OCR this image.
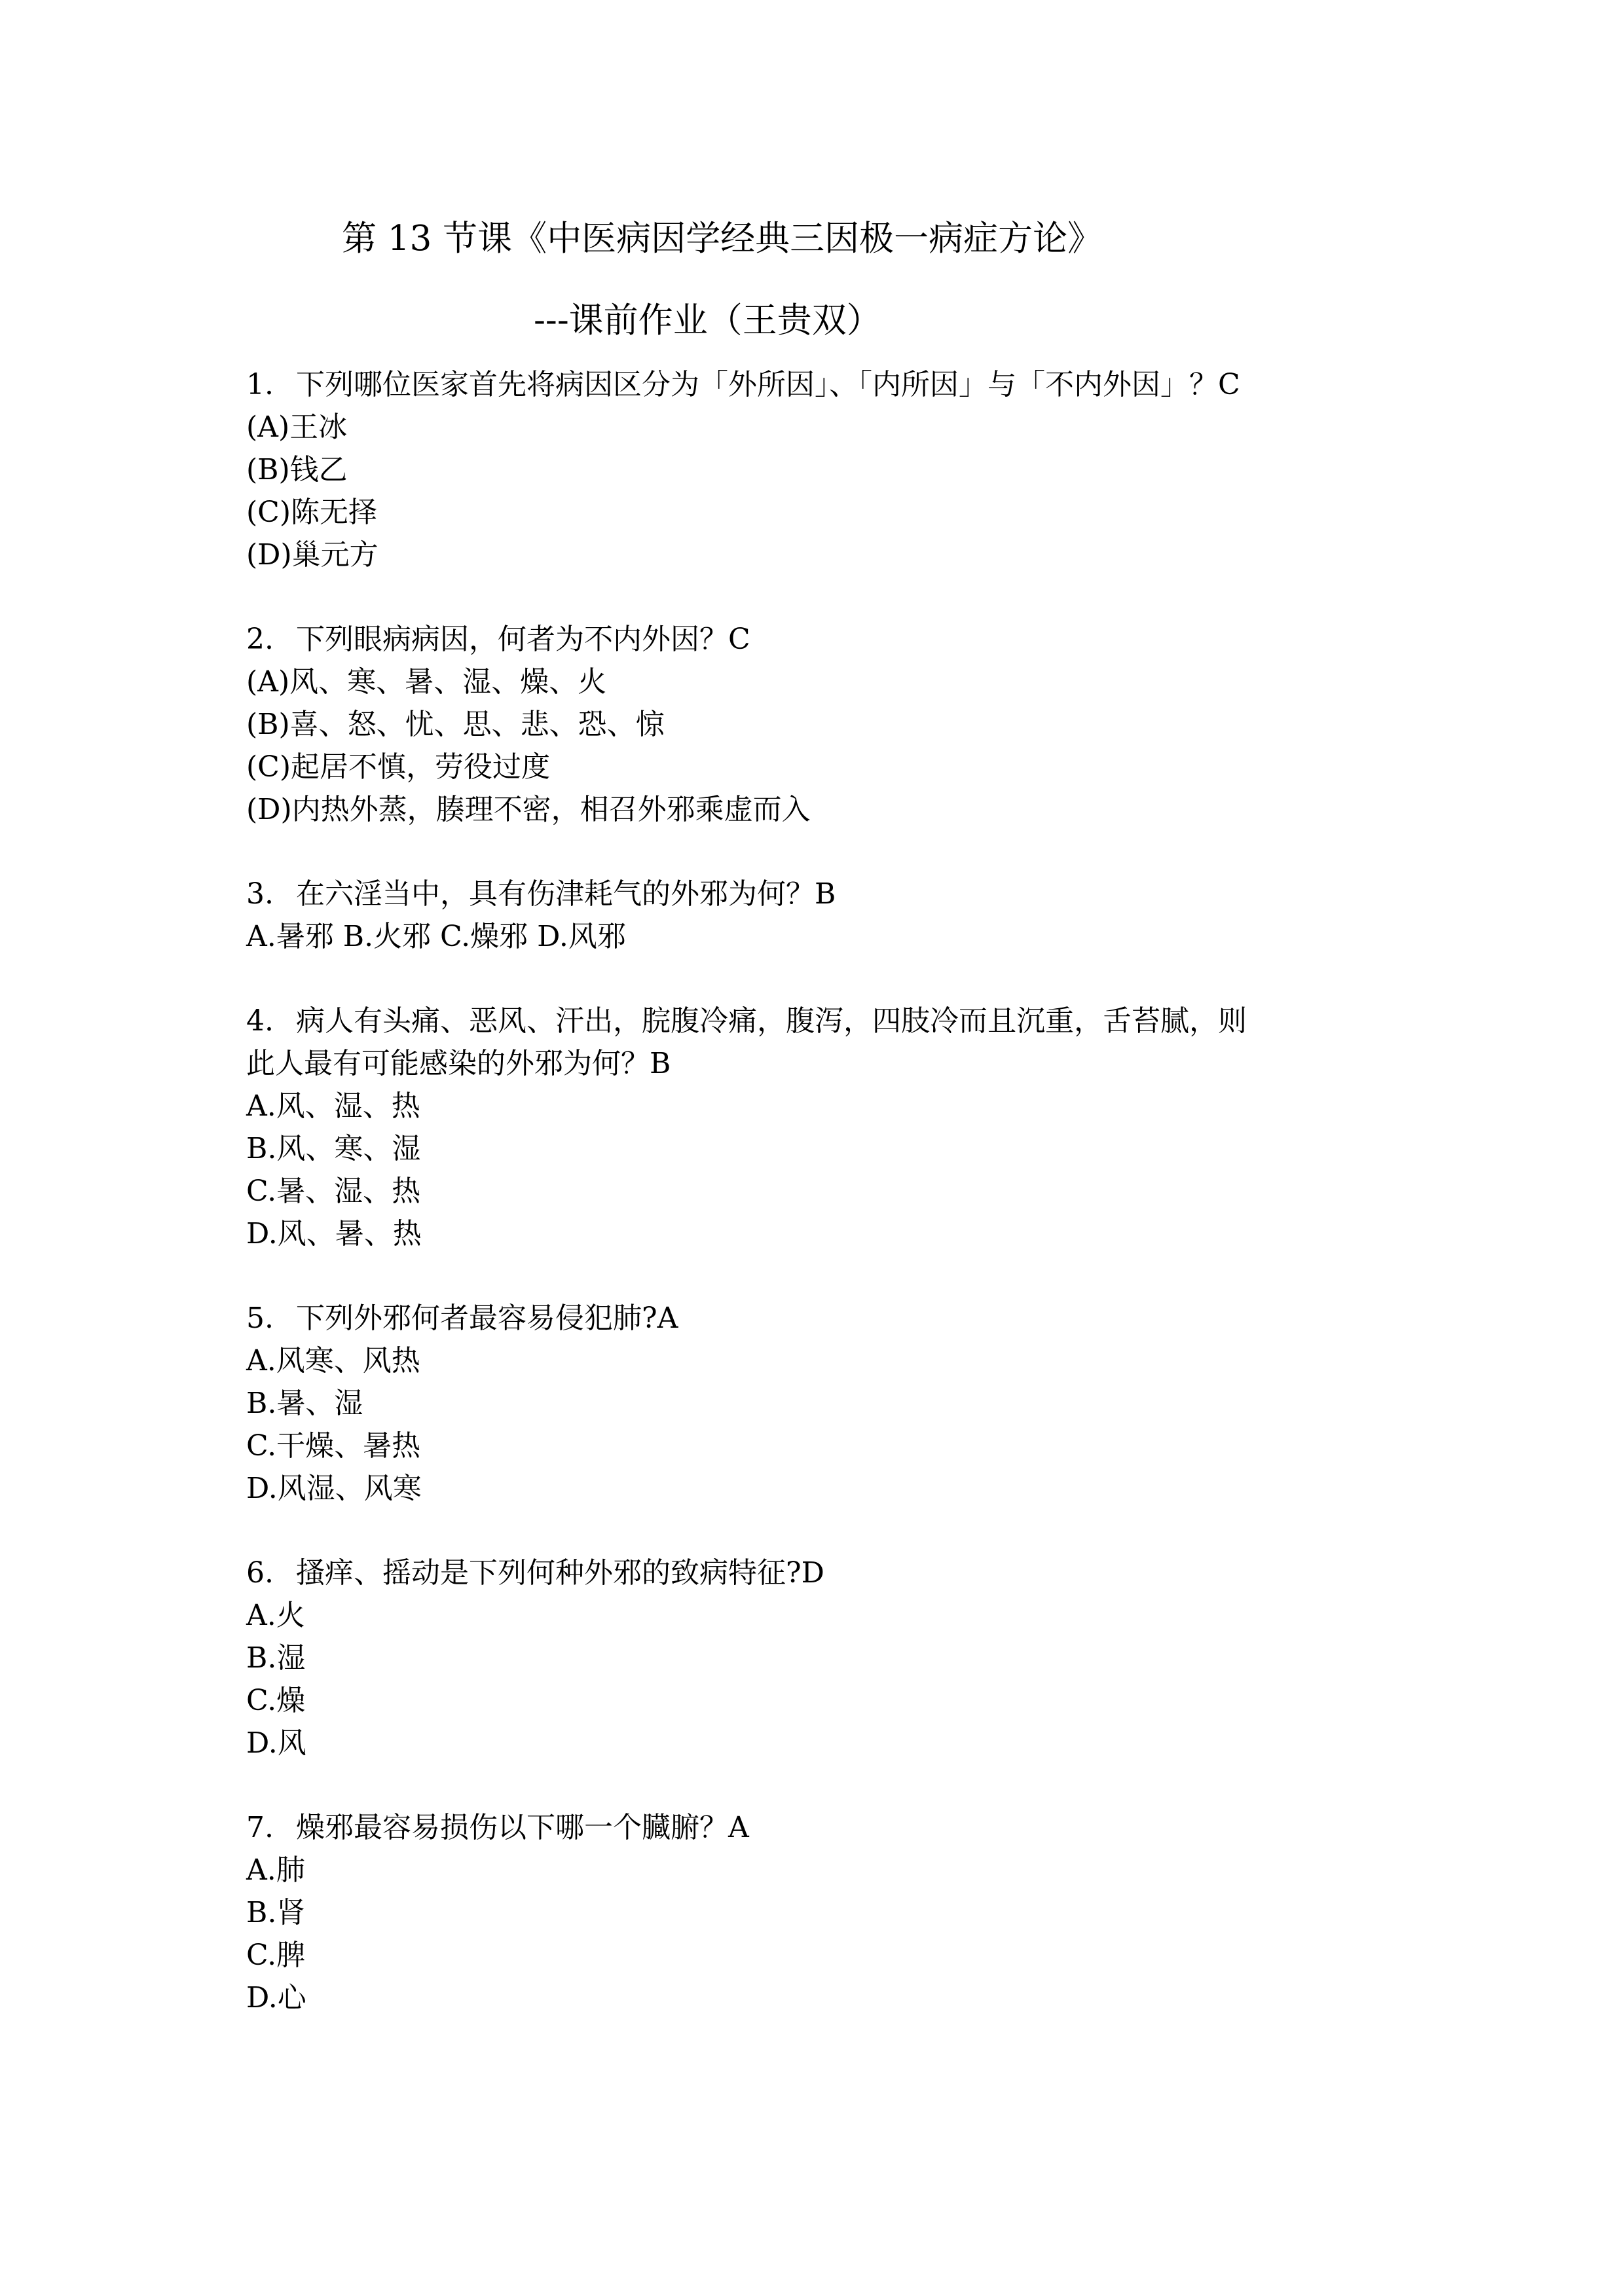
第 13 节课《中医病因学经典三因极一病症方论》
---课前作业（王贵双）
1. 下列哪位医家首先将病因区分为「外所因」、「内所因」与「不内外因」？C
(A)王冰
(B)钱乙
(C)陈无择
(D)巢元方
2. 下列眼病病因，何者为不内外因？C
(A)风、寒、暑、湿、燥、火
(B)喜、怒、忧、思、悲、恐、惊
(C)起居不慎，劳役过度
(D)内热外蒸，腠理不密，相召外邪乘虚而入
3. 在六淫当中，具有伤津耗气的外邪为何？B
A.暑邪 B.火邪 C.燥邪 D.风邪
4. 病人有头痛、恶风、汗出，脘腹冷痛，腹泻，四肢冷而且沉重，舌苔腻，则
此人最有可能感染的外邪为何？B
A.风、湿、热
B.风、寒、湿
C.暑、湿、热
D.风、暑、热
5. 下列外邪何者最容易侵犯肺?A
A.风寒、风热
B.暑、湿
C.干燥、暑热
D.风湿、风寒
6. 搔痒、摇动是下列何种外邪的致病特征?D
A.火
B.湿
C.燥
D.风
7. 燥邪最容易损伤以下哪一个臓腑？A
A.肺
B.肾
C.脾
D.心
